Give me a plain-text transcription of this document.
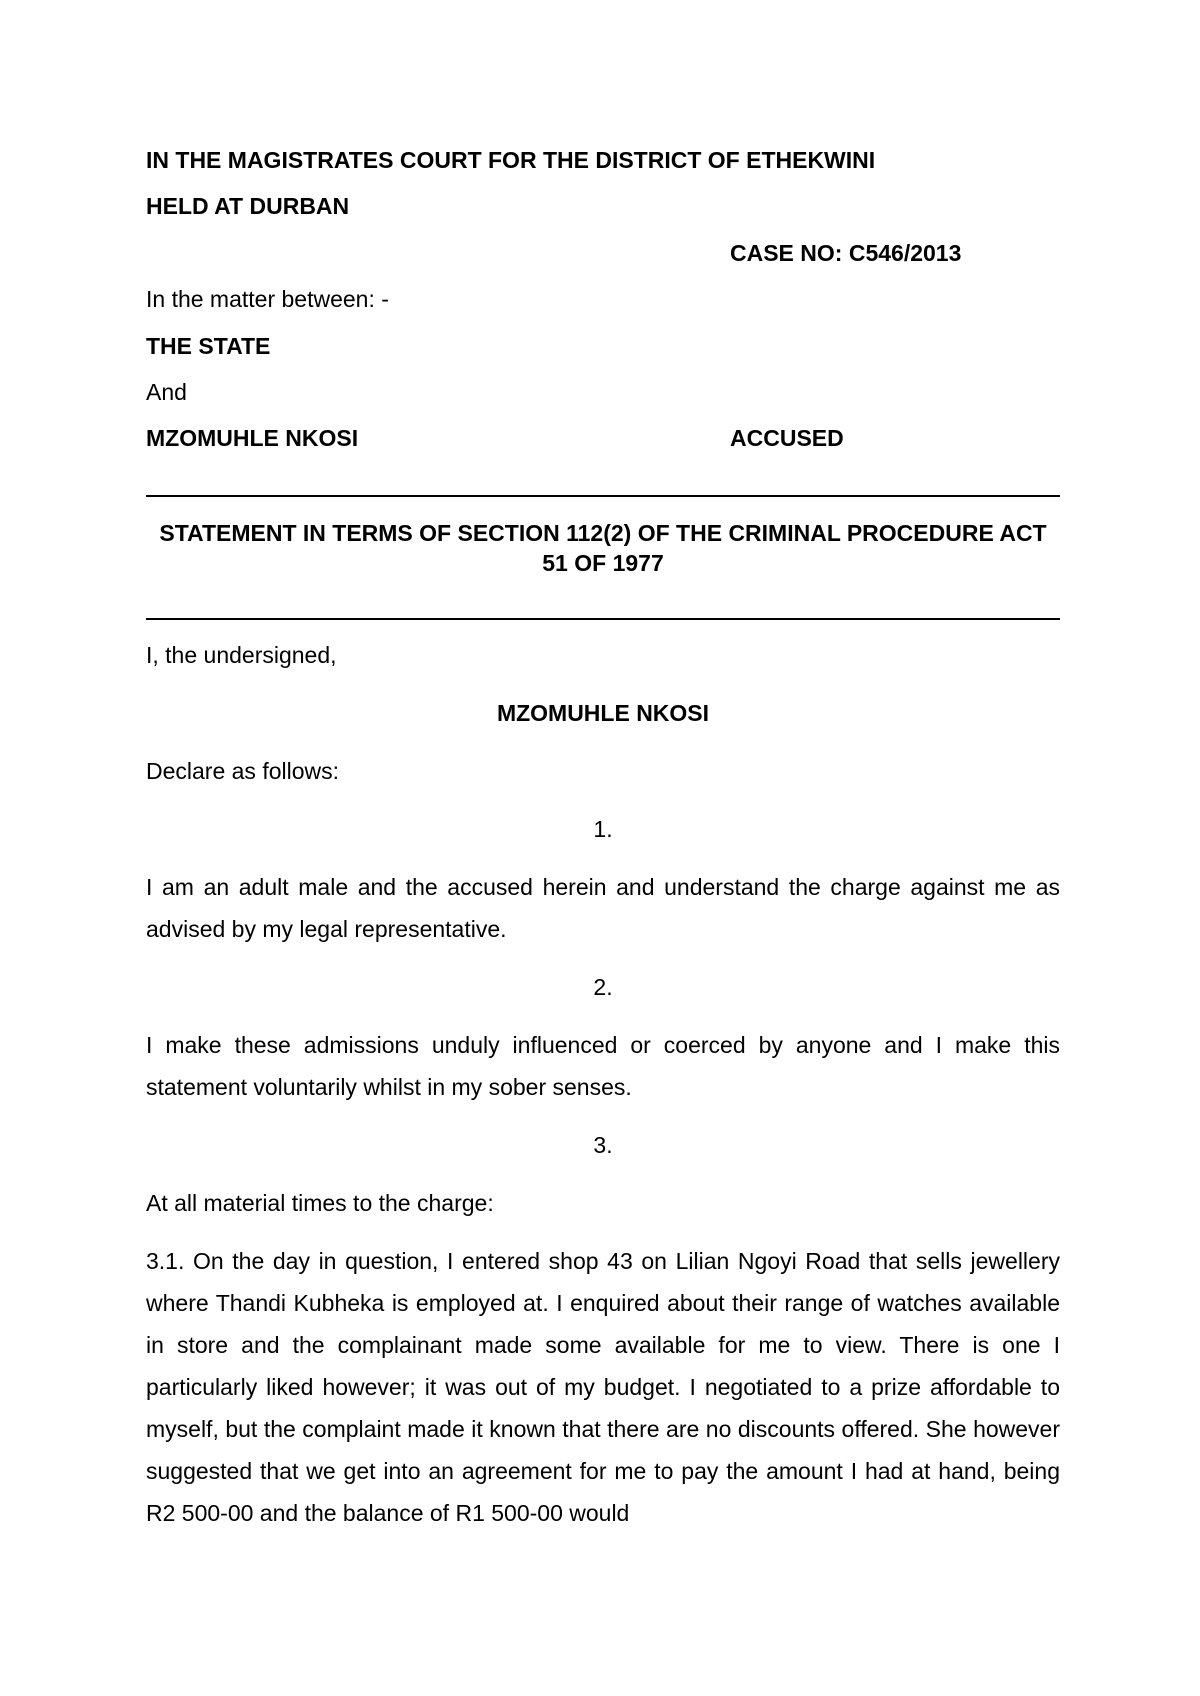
IN THE MAGISTRATES COURT FOR THE DISTRICT OF ETHEKWINI

HELD AT DURBAN

CASE NO: C546/2013

In the matter between: -

THE STATE

And

MZOMUHLE NKOSI	ACCUSED

STATEMENT IN TERMS OF SECTION 112(2) OF THE CRIMINAL PROCEDURE ACT 51 OF 1977

I, the undersigned,

MZOMUHLE NKOSI

Declare as follows:

1.

I am an adult male and the accused herein and understand the charge against me as advised by my legal representative.

2.

I make these admissions unduly influenced or coerced by anyone and I make this statement voluntarily whilst in my sober senses.

3.

At all material times to the charge:

3.1. On the day in question, I entered shop 43 on Lilian Ngoyi Road that sells jewellery where Thandi Kubheka is employed at. I enquired about their range of watches available in store and the complainant made some available for me to view. There is one I particularly liked however; it was out of my budget. I negotiated to a prize affordable to myself, but the complaint made it known that there are no discounts offered. She however suggested that we get into an agreement for me to pay the amount I had at hand, being R2 500-00 and the balance of R1 500-00 would
